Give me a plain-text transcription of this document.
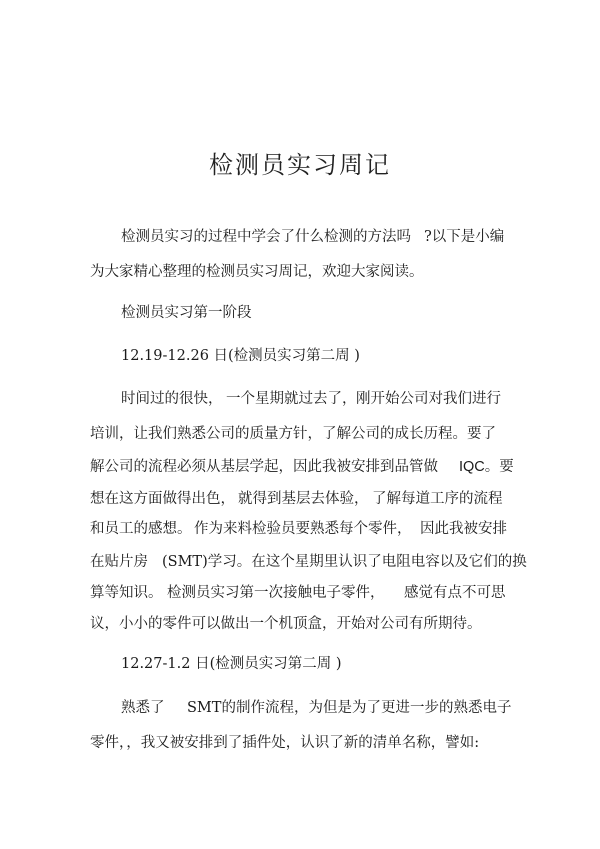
检测员实习周记
检测员实习的过程中学会了什么检测的方法吗 ?以下是小编
为大家精心整理的检测员实习周记，欢迎大家阅读。
检测员实习第一阶段
12.19-12.26 日(检测员实习第二周 )
时间过的很快， 一个星期就过去了， 刚开始公司对我们进行
培训，让我们熟悉公司的质量方针，了解公司的成长历程。要了
解公司的流程必须从基层学起，因此我被安排到品管做 IQC。要
想在这方面做得出色， 就得到基层去体验， 了解每道工序的流程
和员工的感想。 作为来料检验员要熟悉每个零件， 因此我被安排
在贴片房 (SMT)学习。在这个星期里认识了电阻电容以及它们的换
算等知识。 检测员实习第一次接触电子零件， 感觉有点不可思
议，小小的零件可以做出一个机顶盒，开始对公司有所期待。
12.27-1.2 日(检测员实习第二周 )
熟悉了 SMT的制作流程，为但是为了更进一步的熟悉电子
零件，，我又被安排到了插件处，认识了新的清单名称，譬如:
